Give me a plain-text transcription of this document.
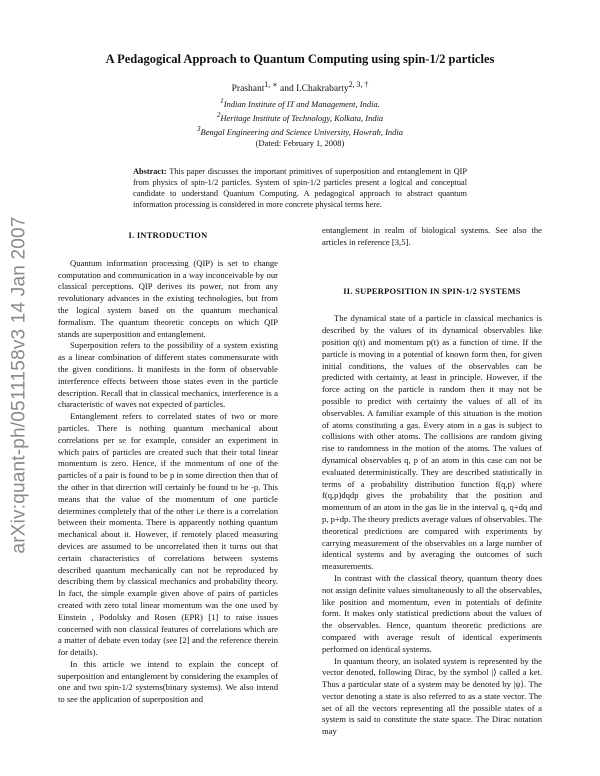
arXiv:quant-ph/0511158v3 14 Jan 2007
A Pedagogical Approach to Quantum Computing using spin-1/2 particles
Prashant$^{1, ∗}$ and I.Chakrabarty$^{2, 3, \dagger}$
$^1$Indian Institute of IT and Management, India.
$^2$Heritage Institute of Technology, Kolkata, India
$^3$Bengal Engineering and Science University, Howrah, India
(Dated: February 1, 2008)
Abstract: This paper discusses the important primitives of superposition and entanglement in QIP from physics of spin-1/2 particles. System of spin-1/2 particles present a logical and conceptual candidate to understand Quantum Computing. A pedagogical approach to abstract quantum information processing is considered in more concrete physical terms here.
I. INTRODUCTION

Quantum information processing (QIP) is set to change computation and communication in a way inconceivable by our classical perceptions. QIP derives its power, not from any revolutionary advances in the existing technologies, but from the logical system based on the quantum mechanical formalism. The quantum theoretic concepts on which QIP stands are superposition and entanglement.

Superposition refers to the possibility of a system existing as a linear combination of different states commensurate with the given conditions. It manifests in the form of observable interference effects between those states even in the particle description. Recall that in classical mechanics, interference is a characteristic of waves not expected of particles.

Entanglement refers to correlated states of two or more particles. There is nothing quantum mechanical about correlations per se for example, consider an experiment in which pairs of particles are created such that their total linear momentum is zero. Hence, if the momentum of one of the particles of a pair is found to be p in some direction then that of the other in that direction will certainly be found to be -p. This means that the value of the momentum of one particle determines completely that of the other i.e there is a correlation between their momenta. There is apparently nothing quantum mechanical about it. However, if remotely placed measuring devices are assumed to be uncorrelated then it turns out that certain characteristics of correlations between systems described quantum mechanically can not be reproduced by describing them by classical mechanics and probability theory. In fact, the simple example given above of pairs of particles created with zero total linear momentum was the one used by Einstein , Podolsky and Rosen (EPR) [1] to raise issues concerned with non classical features of correlations which are a matter of debate even today (see [2] and the reference therein for details).

In this article we intend to explain the concept of superposition and entanglement by considering the examples of one and two spin-1/2 systems(binary systems). We also intend to see the application of superposition and

entanglement in realm of biological systems. See also the articles in reference [3,5].

II. SUPERPOSITION IN SPIN-1/2 SYSTEMS

The dynamical state of a particle in classical mechanics is described by the values of its dynamical observables like position q(t) and momentum p(t) as a function of time. If the particle is moving in a potential of known form then, for given initial conditions, the values of the observables can be predicted with certainty, at least in principle. However, if the force acting on the particle is random then it may not be possible to predict with certainty the values of all of its observables. A familiar example of this situation is the motion of atoms constituting a gas. Every atom in a gas is subject to collisions with other atoms. The collisions are random giving rise to randomness in the motion of the atoms. The values of dynamical observables q, p of an atom in this case can not be evaluated deterministically. They are described statistically in terms of a probability distribution function f(q,p) where f(q,p)dqdp gives the probability that the position and momentum of an atom in the gas lie in the interval q, q+dq and p, p+dp. The theory predicts average values of observables. The theoretical predictions are compared with experiments by carrying measurement of the observables on a large number of identical systems and by averaging the outcomes of such measurements.

In contrast with the classical theory, quantum theory does not assign definite values simultaneously to all the observables, like position and momentum, even in potentials of definite form. It makes only statistical predictions about the values of the observables. Hence, quantum theoretic predictions are compared with average result of identical experiments performed on identical systems.

In quantum theory, an isolated system is represented by the vector denoted, following Dirac, by the symbol |⟩ called a ket. Thus a particular state of a system may be denoted by |ψ⟩. The vector denoting a state is also referred to as a state vector. The set of all the vectors representing all the possible states of a system is said to constitute the state space. The Dirac notation may
